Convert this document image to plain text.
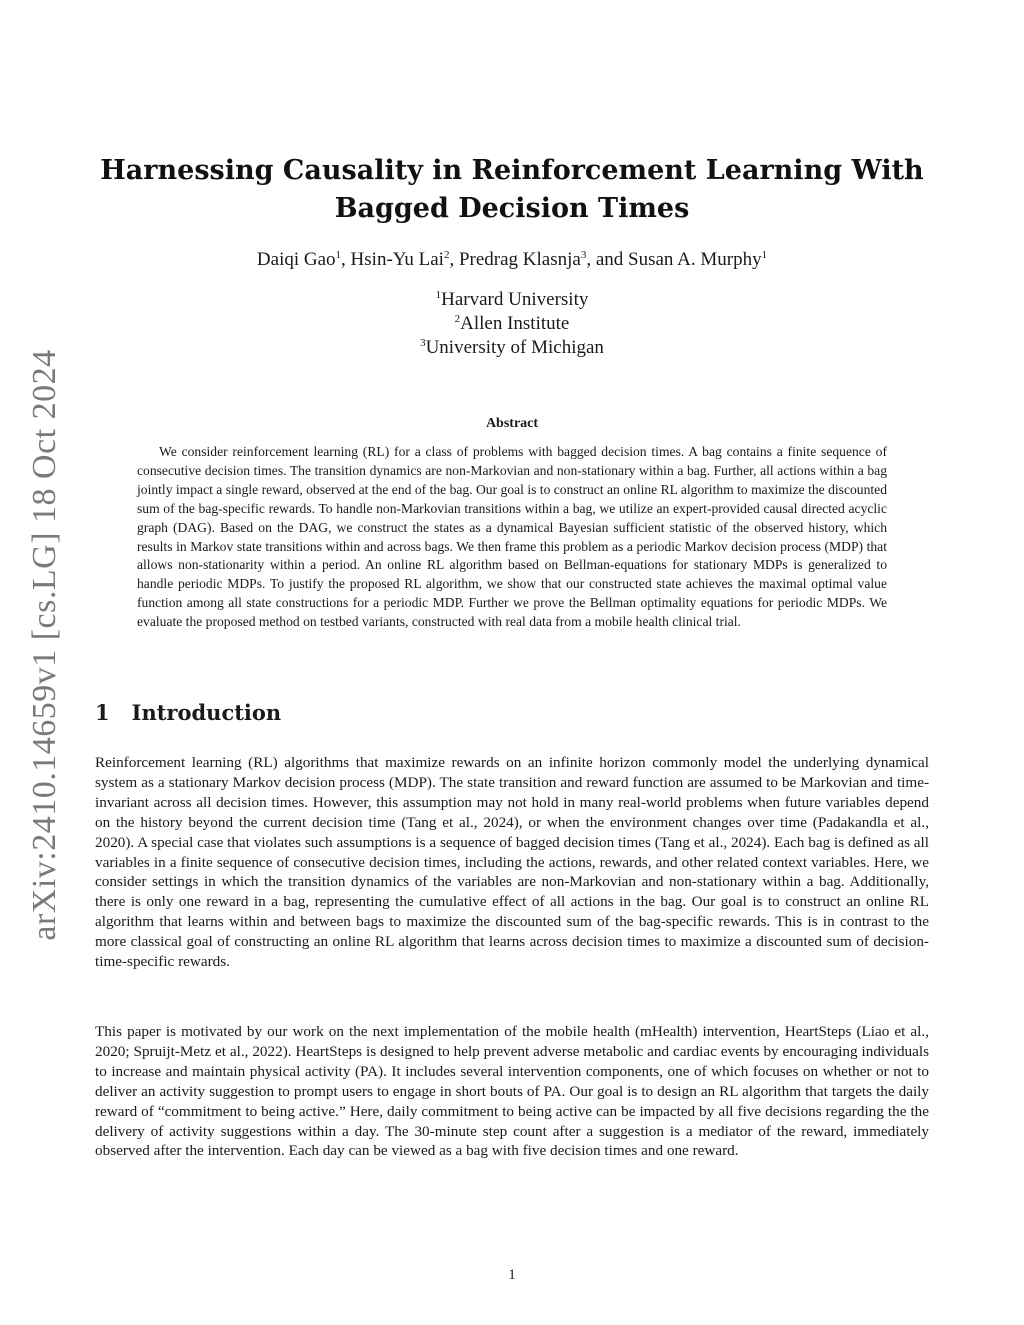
arXiv:2410.14659v1 [cs.LG] 18 Oct 2024
Harnessing Causality in Reinforcement Learning With Bagged Decision Times
Daiqi Gao$^1$, Hsin-Yu Lai$^2$, Predrag Klasnja$^3$, and Susan A. Murphy$^1$
$^1$Harvard University
$^2$Allen Institute
$^3$University of Michigan
Abstract

We consider reinforcement learning (RL) for a class of problems with bagged decision times. A bag contains a finite sequence of consecutive decision times. The transition dynamics are non-Markovian and non-stationary within a bag. Further, all actions within a bag jointly impact a single reward, observed at the end of the bag. Our goal is to construct an online RL algorithm to maximize the discounted sum of the bag-specific rewards. To handle non-Markovian transitions within a bag, we utilize an expert-provided causal directed acyclic graph (DAG). Based on the DAG, we construct the states as a dynamical Bayesian sufficient statistic of the observed history, which results in Markov state transitions within and across bags. We then frame this problem as a periodic Markov decision process (MDP) that allows non-stationarity within a period. An online RL algorithm based on Bellman-equations for stationary MDPs is generalized to handle periodic MDPs. To justify the proposed RL algorithm, we show that our constructed state achieves the maximal optimal value function among all state constructions for a periodic MDP. Further we prove the Bellman optimality equations for periodic MDPs. We evaluate the proposed method on testbed variants, constructed with real data from a mobile health clinical trial.

1 Introduction

Reinforcement learning (RL) algorithms that maximize rewards on an infinite horizon commonly model the underlying dynamical system as a stationary Markov decision process (MDP). The state transition and reward function are assumed to be Markovian and time-invariant across all decision times. However, this assumption may not hold in many real-world problems when future variables depend on the history beyond the current decision time (Tang et al., 2024), or when the environment changes over time (Padakandla et al., 2020). A special case that violates such assumptions is a sequence of bagged decision times (Tang et al., 2024). Each bag is defined as all variables in a finite sequence of consecutive decision times, including the actions, rewards, and other related context variables. Here, we consider settings in which the transition dynamics of the variables are non-Markovian and non-stationary within a bag. Additionally, there is only one reward in a bag, representing the cumulative effect of all actions in the bag. Our goal is to construct an online RL algorithm that learns within and between bags to maximize the discounted sum of the bag-specific rewards. This is in contrast to the more classical goal of constructing an online RL algorithm that learns across decision times to maximize a discounted sum of decision-time-specific rewards.

This paper is motivated by our work on the next implementation of the mobile health (mHealth) intervention, HeartSteps (Liao et al., 2020; Spruijt-Metz et al., 2022). HeartSteps is designed to help prevent adverse metabolic and cardiac events by encouraging individuals to increase and maintain physical activity (PA). It includes several intervention components, one of which focuses on whether or not to deliver an activity suggestion to prompt users to engage in short bouts of PA. Our goal is to design an RL algorithm that targets the daily reward of “commitment to being active.” Here, daily commitment to being active can be impacted by all five decisions regarding the the delivery of activity suggestions within a day. The 30-minute step count after a suggestion is a mediator of the reward, immediately observed after the intervention. Each day can be viewed as a bag with five decision times and one reward.

1
